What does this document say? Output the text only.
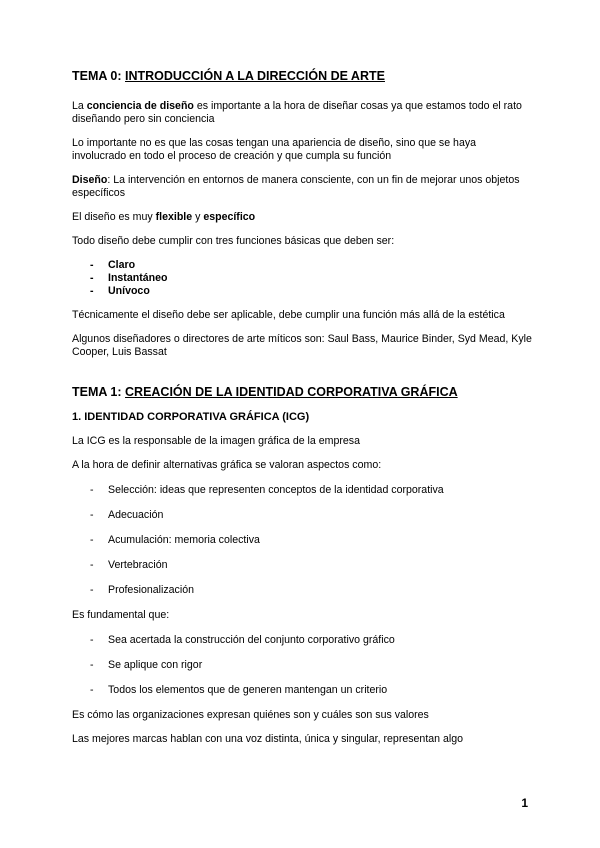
TEMA 0: INTRODUCCIÓN A LA DIRECCIÓN DE ARTE

La conciencia de diseño es importante a la hora de diseñar cosas ya que estamos todo el rato diseñando pero sin conciencia

Lo importante no es que las cosas tengan una apariencia de diseño, sino que se haya involucrado en todo el proceso de creación y que cumpla su función

Diseño: La intervención en entornos de manera consciente, con un fin de mejorar unos objetos específicos

El diseño es muy flexible y específico

Todo diseño debe cumplir con tres funciones básicas que deben ser:

- Claro
- Instantáneo
- Unívoco

Técnicamente el diseño debe ser aplicable, debe cumplir una función más allá de la estética

Algunos diseñadores o directores de arte míticos son: Saul Bass, Maurice Binder, Syd Mead, Kyle Cooper, Luis Bassat

TEMA 1: CREACIÓN DE LA IDENTIDAD CORPORATIVA GRÁFICA

1. IDENTIDAD CORPORATIVA GRÁFICA (ICG)

La ICG es la responsable de la imagen gráfica de la empresa

A la hora de definir alternativas gráfica se valoran aspectos como:

- Selección: ideas que representen conceptos de la identidad corporativa
- Adecuación
- Acumulación: memoria colectiva
- Vertebración
- Profesionalización

Es fundamental que:

- Sea acertada la construcción del conjunto corporativo gráfico
- Se aplique con rigor
- Todos los elementos que de generen mantengan un criterio

Es cómo las organizaciones expresan quiénes son y cuáles son sus valores

Las mejores marcas hablan con una voz distinta, única y singular, representan algo

1
